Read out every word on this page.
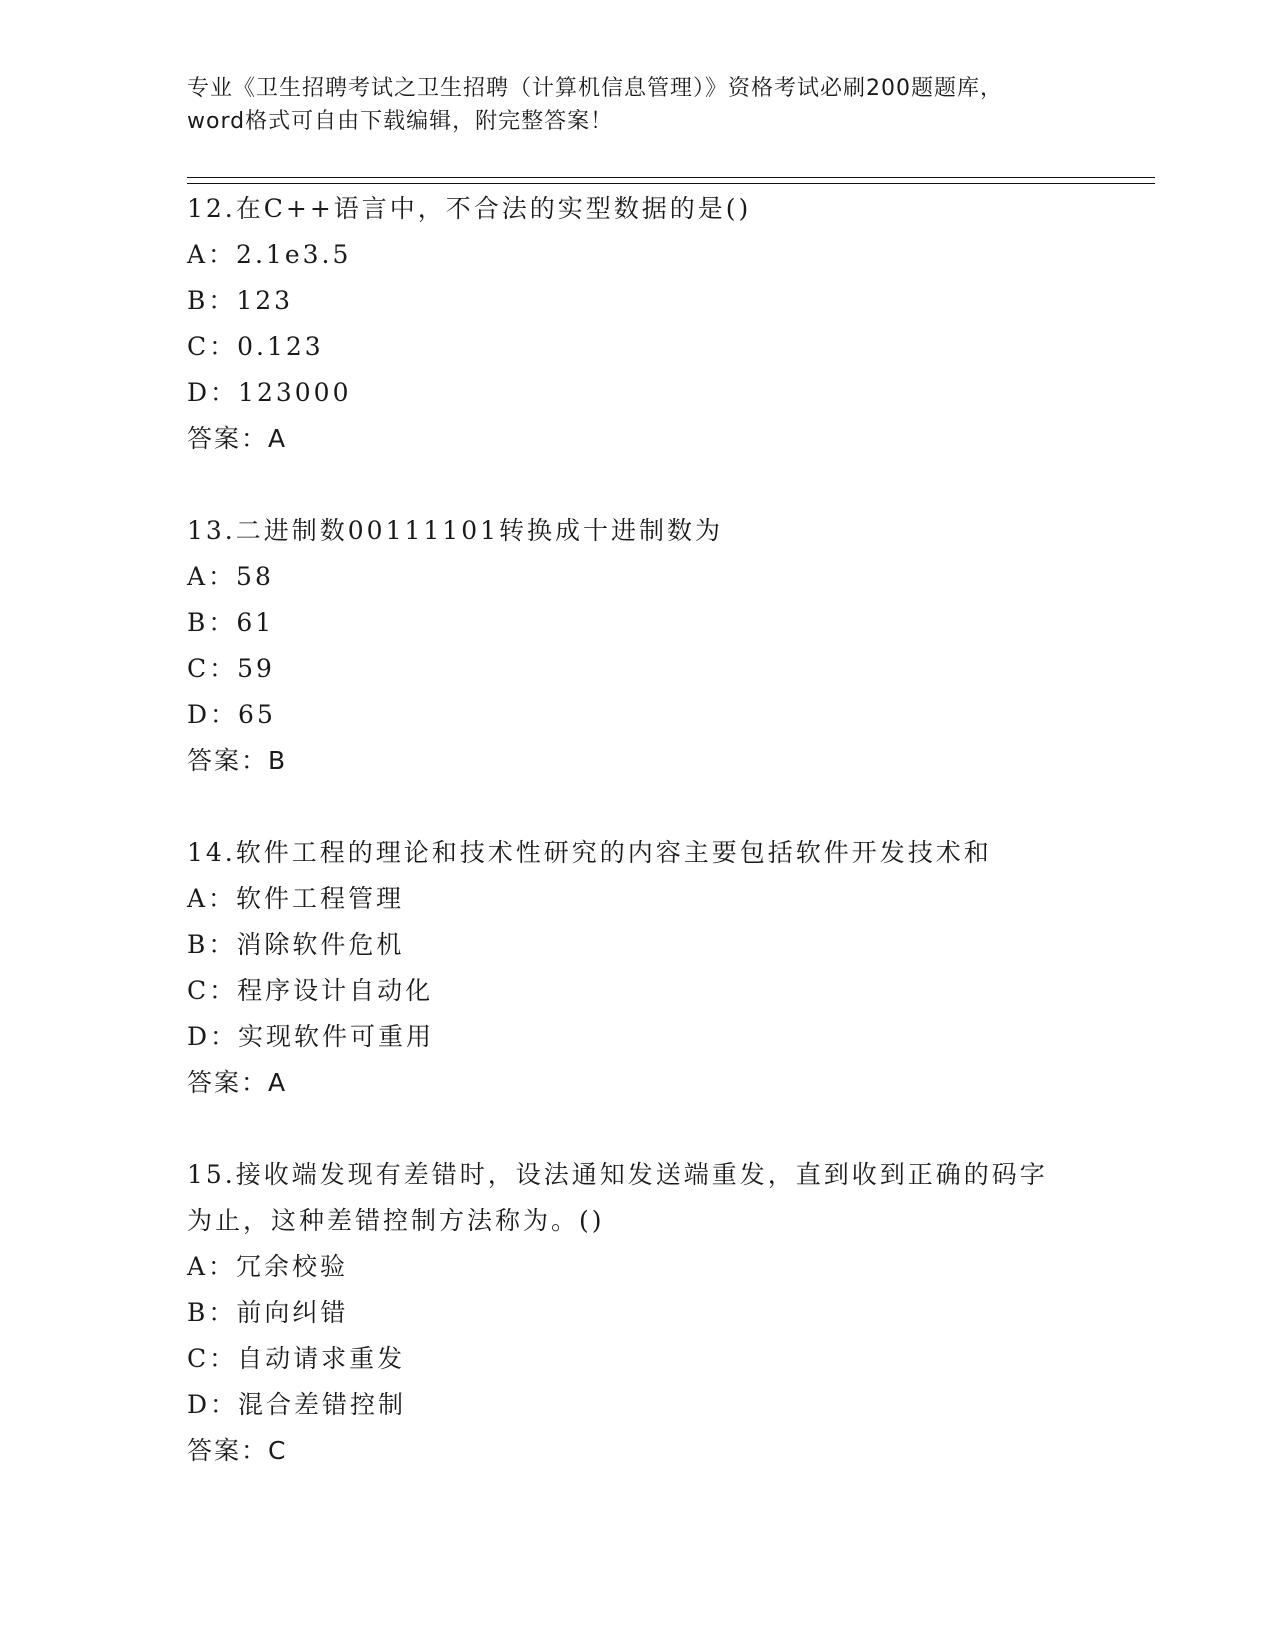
专业《卫生招聘考试之卫生招聘（计算机信息管理）》资格考试必刷200题题库，
word格式可自由下载编辑，附完整答案！
12.在C++语言中，不合法的实型数据的是()
A：2.1e3.5
B：123
C：0.123
D：123000
答案：A
13.二进制数00111101转换成十进制数为
A：58
B：61
C：59
D：65
答案：B
14.软件工程的理论和技术性研究的内容主要包括软件开发技术和
A：软件工程管理
B：消除软件危机
C：程序设计自动化
D：实现软件可重用
答案：A
15.接收端发现有差错时，设法通知发送端重发，直到收到正确的码字
为止，这种差错控制方法称为。()
A：冗余校验
B：前向纠错
C：自动请求重发
D：混合差错控制
答案：C
